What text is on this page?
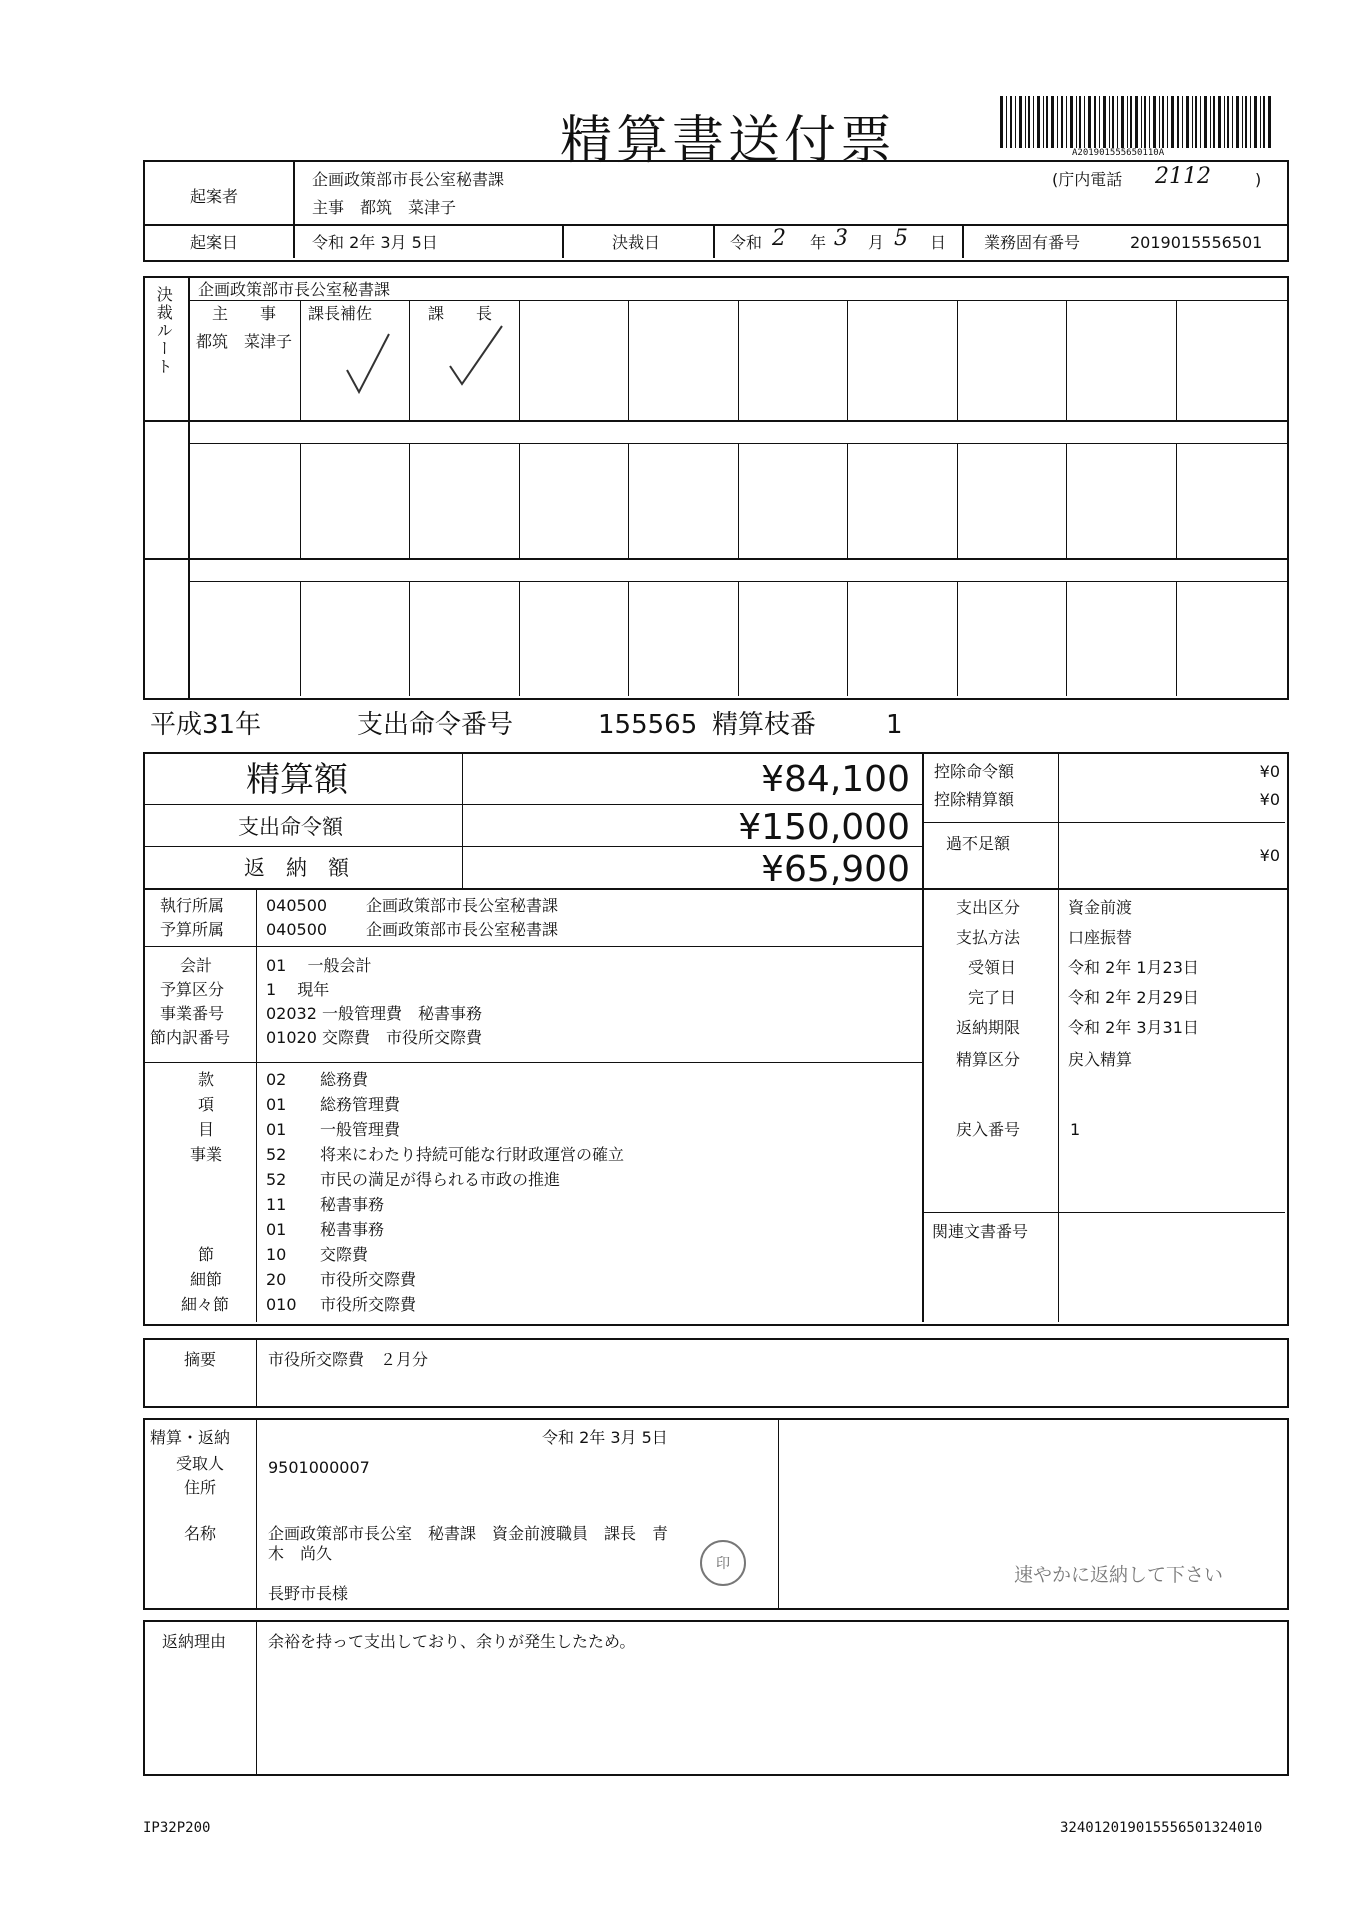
精算書送付票	A201901555650110A
起案者
企画政策部市長公室秘書課
主事　都筑　菜津子
(庁内電話 2112	)
起案日	令和 2年 3月 5日	決裁日	令和 2 年 3 月 5 日 業務固有番号	2019015556501
決裁ルート 企画政策部市長公室秘書課
主　　事
都筑　菜津子
課長補佐	課　　長
平成31年	支出命令番号	155565 精算枝番	1
精算額	¥84,100
支出命令額	¥150,000
返　納　額	¥65,900
控除命令額	¥0
控除精算額	¥0
過不足額
¥0
執行所属	040500 企画政策部市長公室秘書課
予算所属	040500 企画政策部市長公室秘書課
会計	01　 一般会計
予算区分	1　 現年
事業番号	02032 一般管理費　秘書事務
節内訳番号 01020 交際費　市役所交際費
款	02 総務費
項	01 総務管理費
目	01 一般管理費
事業	52 将来にわたり持続可能な行財政運営の確立
52 市民の満足が得られる市政の推進
11 秘書事務
01 秘書事務
節	10 交際費
細節	20 市役所交際費
細々節	010 市役所交際費
支出区分	資金前渡
支払方法	口座振替
受領日	令和 2年 1月23日
完了日	令和 2年 2月29日
返納期限	令和 2年 3月31日
精算区分	戻入精算
戻入番号	1
関連文書番号
摘要	市役所交際費　２月分
精算・返納	令和 2年 3月 5日
受取人	9501000007
住所
名称	企画政策部市長公室　秘書課　資金前渡職員　課長　青
木　尚久
印
長野市長様
速やかに返納して下さい
返納理由	余裕を持って支出しており、余りが発生したため。
IP32P200	324012019015556501324010
